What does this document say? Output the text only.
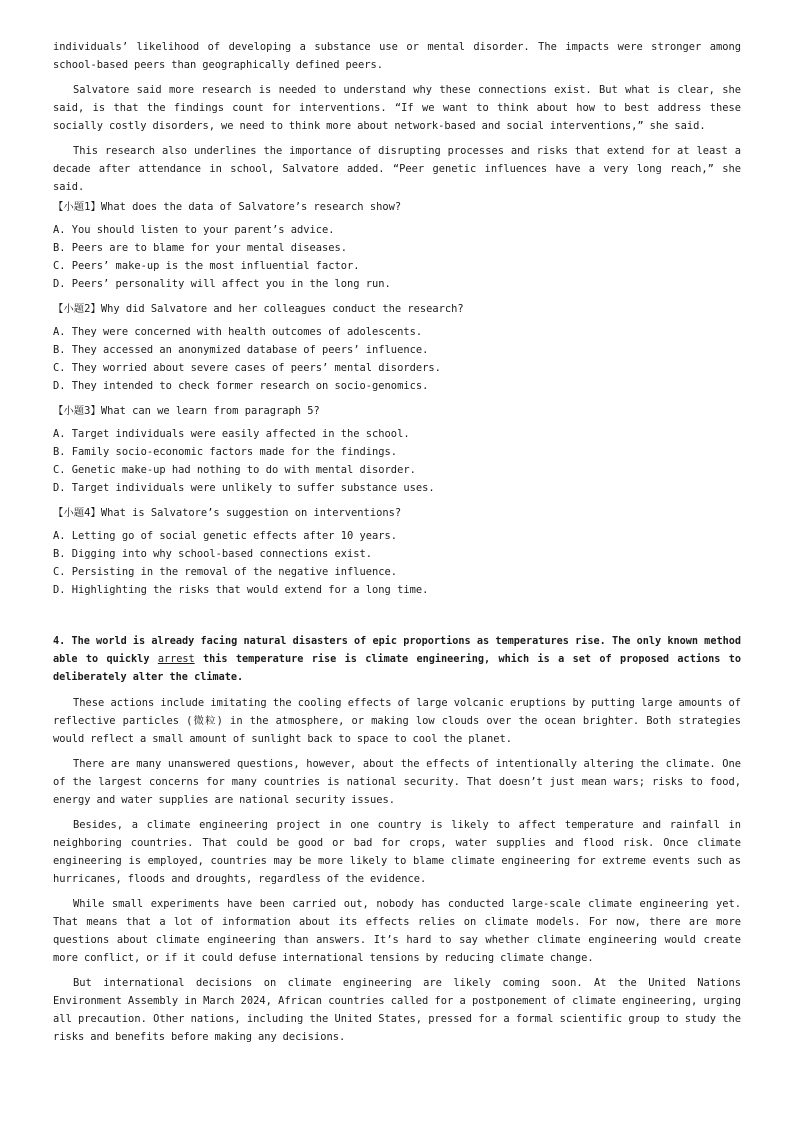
individuals’ likelihood of developing a substance use or mental disorder. The impacts were stronger among school-based peers than geographically defined peers.

Salvatore said more research is needed to understand why these connections exist. But what is clear, she said, is that the findings count for interventions. “If we want to think about how to best address these socially costly disorders, we need to think more about network-based and social interventions,” she said.

This research also underlines the importance of disrupting processes and risks that extend for at least a decade after attendance in school, Salvatore added. “Peer genetic influences have a very long reach,” she said.

【小题1】What does the data of Salvatore’s research show?

A. You should listen to your parent’s advice.
B. Peers are to blame for your mental diseases.
C. Peers’ make-up is the most influential factor.
D. Peers’ personality will affect you in the long run.

【小题2】Why did Salvatore and her colleagues conduct the research?

A. They were concerned with health outcomes of adolescents.
B. They accessed an anonymized database of peers’ influence.
C. They worried about severe cases of peers’ mental disorders.
D. They intended to check former research on socio-genomics.

【小题3】What can we learn from paragraph 5?

A. Target individuals were easily affected in the school.
B. Family socio-economic factors made for the findings.
C. Genetic make-up had nothing to do with mental disorder.
D. Target individuals were unlikely to suffer substance uses.

【小题4】What is Salvatore’s suggestion on interventions?

A. Letting go of social genetic effects after 10 years.
B. Digging into why school-based connections exist.
C. Persisting in the removal of the negative influence.
D. Highlighting the risks that would extend for a long time.

4. The world is already facing natural disasters of epic proportions as temperatures rise. The only known method able to quickly arrest this temperature rise is climate engineering, which is a set of proposed actions to deliberately alter the climate.

These actions include imitating the cooling effects of large volcanic eruptions by putting large amounts of reflective particles (微粒) in the atmosphere, or making low clouds over the ocean brighter. Both strategies would reflect a small amount of sunlight back to space to cool the planet.

There are many unanswered questions, however, about the effects of intentionally altering the climate. One of the largest concerns for many countries is national security. That doesn’t just mean wars; risks to food, energy and water supplies are national security issues.

Besides, a climate engineering project in one country is likely to affect temperature and rainfall in neighboring countries. That could be good or bad for crops, water supplies and flood risk. Once climate engineering is employed, countries may be more likely to blame climate engineering for extreme events such as hurricanes, floods and droughts, regardless of the evidence.

While small experiments have been carried out, nobody has conducted large-scale climate engineering yet. That means that a lot of information about its effects relies on climate models. For now, there are more questions about climate engineering than answers. It’s hard to say whether climate engineering would create more conflict, or if it could defuse international tensions by reducing climate change.

But international decisions on climate engineering are likely coming soon. At the United Nations Environment Assembly in March 2024, African countries called for a postponement of climate engineering, urging all precaution. Other nations, including the United States, pressed for a formal scientific group to study the risks and benefits before making any decisions.
